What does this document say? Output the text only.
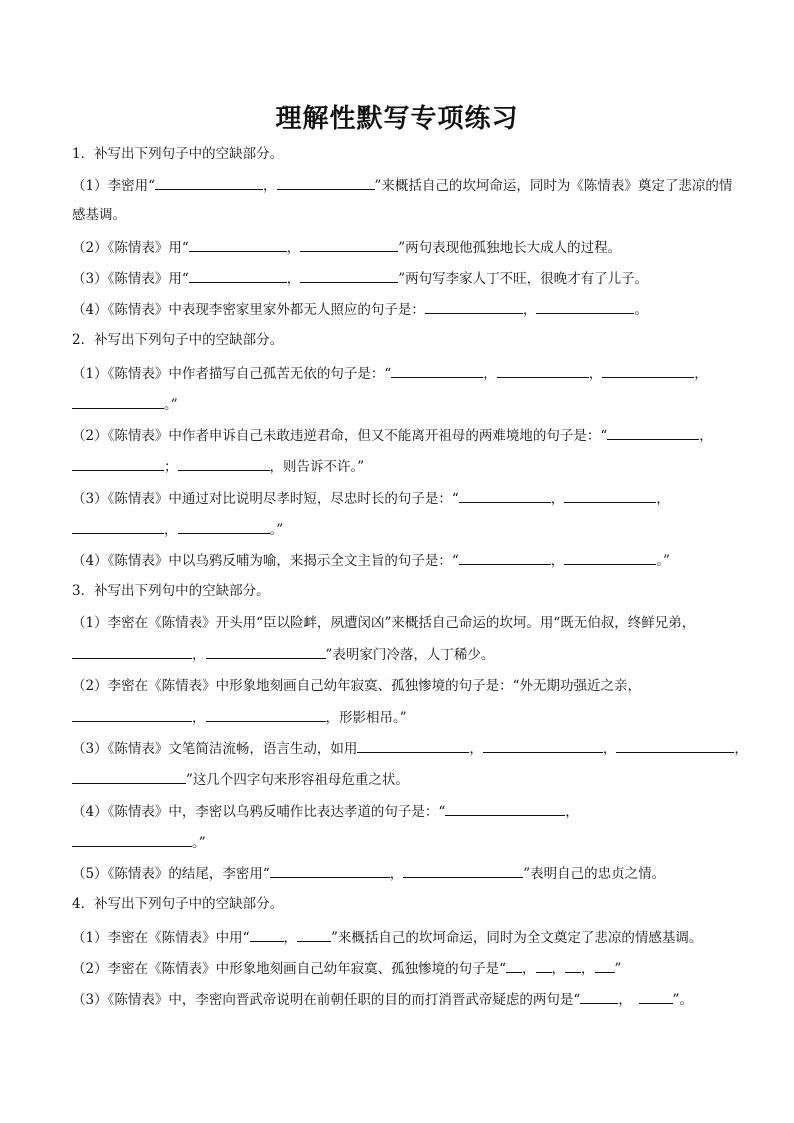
理解性默写专项练习
1．补写出下列句子中的空缺部分。
（1）李密用“	，	”来概括自己的坎坷命运，同时为《陈情表》奠定了悲凉的情
感基调。
（2）《陈情表》用“	，	”两句表现他孤独地长大成人的过程。
（3）《陈情表》用“	，	”两句写李家人丁不旺，很晚才有了儿子。
（4）《陈情表》中表现李密家里家外都无人照应的句子是：	，	。
2．补写出下列句子中的空缺部分。
（1）《陈情表》中作者描写自己孤苦无依的句子是：“	，	，	，
。”
（2）《陈情表》中作者申诉自己未敢违逆君命，但又不能离开祖母的两难境地的句子是：“	，
；	，则告诉不许。”
（3）《陈情表》中通过对比说明尽孝时短，尽忠时长的句子是：“	，	，
，	。”
（4）《陈情表》中以乌鸦反哺为喻，来揭示全文主旨的句子是：“	，	。”
3．补写出下列句中的空缺部分。
（1）李密在《陈情表》开头用“臣以险衅，夙遭闵凶”来概括自己命运的坎坷。用“既无伯叔，终鲜兄弟，
，	”表明家门冷落，人丁稀少。
（2）李密在《陈情表》中形象地刻画自己幼年寂寞、孤独惨境的句子是：“外无期功强近之亲，
，	，形影相吊。”
（3）《陈情表》文笔简洁流畅，语言生动，如用	，	，	，
”这几个四字句来形容祖母危重之状。
（4）《陈情表》中，李密以乌鸦反哺作比表达孝道的句子是：“	，
。”
（5）《陈情表》的结尾，李密用“	，	”表明自己的忠贞之情。
4．补写出下列句子中的空缺部分。
（1）李密在《陈情表》中用“	，	”来概括自己的坎坷命运，同时为全文奠定了悲凉的情感基调。
（2）李密在《陈情表》中形象地刻画自己幼年寂寞、孤独惨境的句子是“ ， ， ， ”
（3）《陈情表》中，李密向晋武帝说明在前朝任职的目的而打消晋武帝疑虑的两句是“	，　	”。
